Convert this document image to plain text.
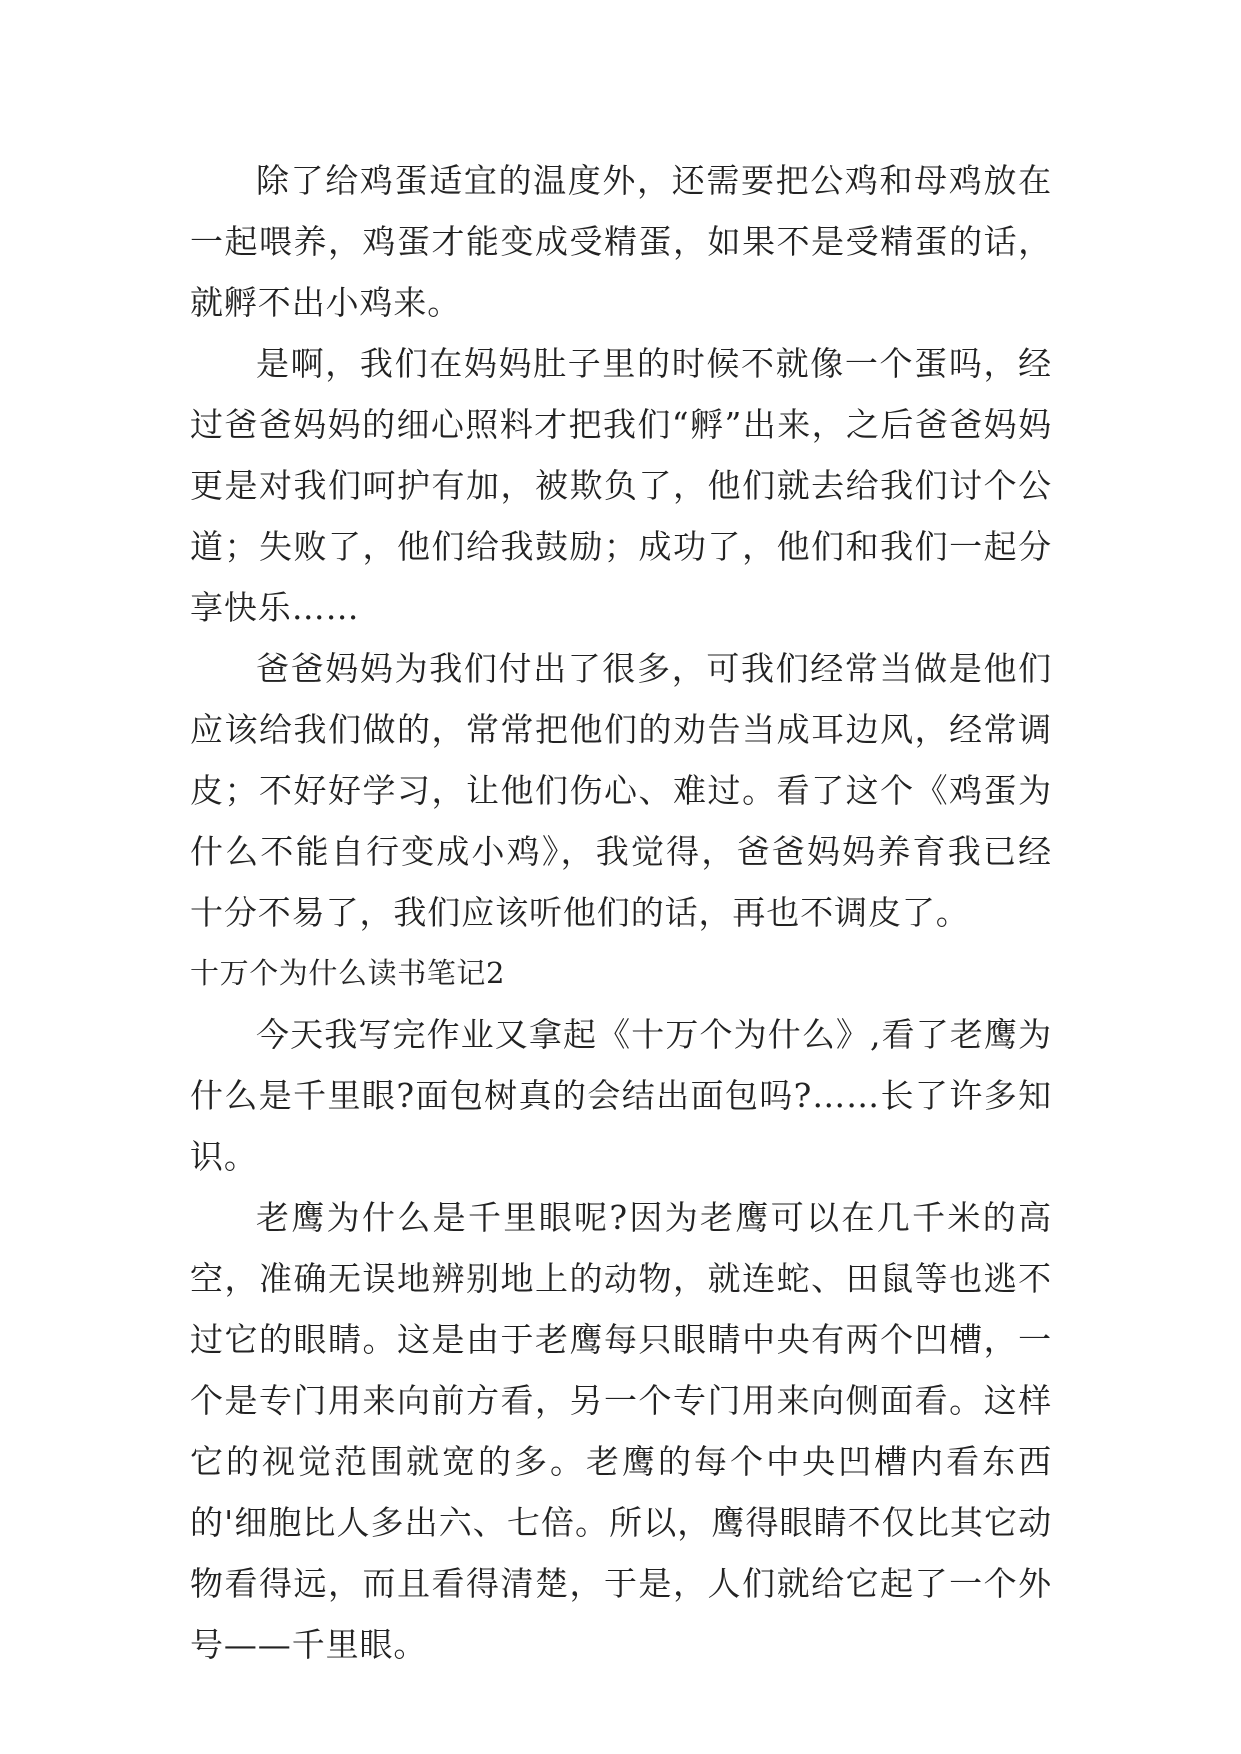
除了给鸡蛋适宜的温度外，还需要把公鸡和母鸡放在一起喂养，鸡蛋才能变成受精蛋，如果不是受精蛋的话，就孵不出小鸡来。

是啊，我们在妈妈肚子里的时候不就像一个蛋吗，经过爸爸妈妈的细心照料才把我们“孵”出来，之后爸爸妈妈更是对我们呵护有加，被欺负了，他们就去给我们讨个公道；失败了，他们给我鼓励；成功了，他们和我们一起分享快乐……

爸爸妈妈为我们付出了很多，可我们经常当做是他们应该给我们做的，常常把他们的劝告当成耳边风，经常调皮；不好好学习，让他们伤心、难过。看了这个《鸡蛋为什么不能自行变成小鸡》，我觉得，爸爸妈妈养育我已经十分不易了，我们应该听他们的话，再也不调皮了。

十万个为什么读书笔记2

今天我写完作业又拿起《十万个为什么》,看了老鹰为什么是千里眼?面包树真的会结出面包吗?……长了许多知识。

老鹰为什么是千里眼呢?因为老鹰可以在几千米的高空，准确无误地辨别地上的动物，就连蛇、田鼠等也逃不过它的眼睛。这是由于老鹰每只眼睛中央有两个凹槽，一个是专门用来向前方看，另一个专门用来向侧面看。这样它的视觉范围就宽的多。老鹰的每个中央凹槽内看东西的'细胞比人多出六、七倍。所以，鹰得眼睛不仅比其它动物看得远，而且看得清楚，于是，人们就给它起了一个外号——千里眼。
